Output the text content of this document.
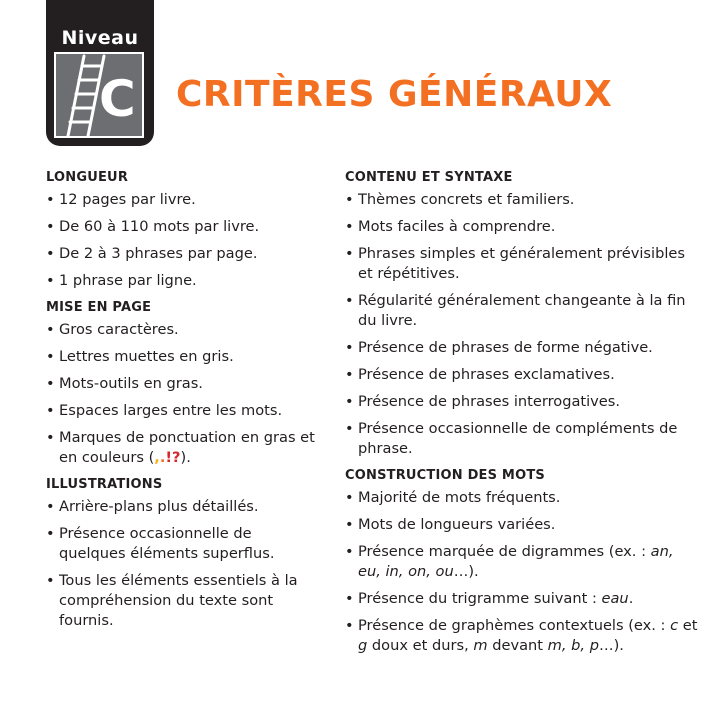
Niveau
C CRITÈRES GÉNÉRAUX
LONGUEUR
• 12 pages par livre.
• De 60 à 110 mots par livre.
• De 2 à 3 phrases par page.
• 1 phrase par ligne.
MISE EN PAGE
• Gros caractères.
• Lettres muettes en gris.
• Mots-outils en gras.
• Espaces larges entre les mots.
• Marques de ponctuation en gras et en couleurs (,.!?).
ILLUSTRATIONS
• Arrière-plans plus détaillés.
• Présence occasionnelle de quelques éléments superflus.
• Tous les éléments essentiels à la compréhension du texte sont fournis.
CONTENU ET SYNTAXE
• Thèmes concrets et familiers.
• Mots faciles à comprendre.
• Phrases simples et généralement prévisibles et répétitives.
• Régularité généralement changeante à la fin du livre.
• Présence de phrases de forme négative.
• Présence de phrases exclamatives.
• Présence de phrases interrogatives.
• Présence occasionnelle de compléments de phrase.
CONSTRUCTION DES MOTS
• Majorité de mots fréquents.
• Mots de longueurs variées.
• Présence marquée de digrammes (ex. : an, eu, in, on, ou…).
• Présence du trigramme suivant : eau.
• Présence de graphèmes contextuels (ex. : c et g doux et durs, m devant m, b, p…).
